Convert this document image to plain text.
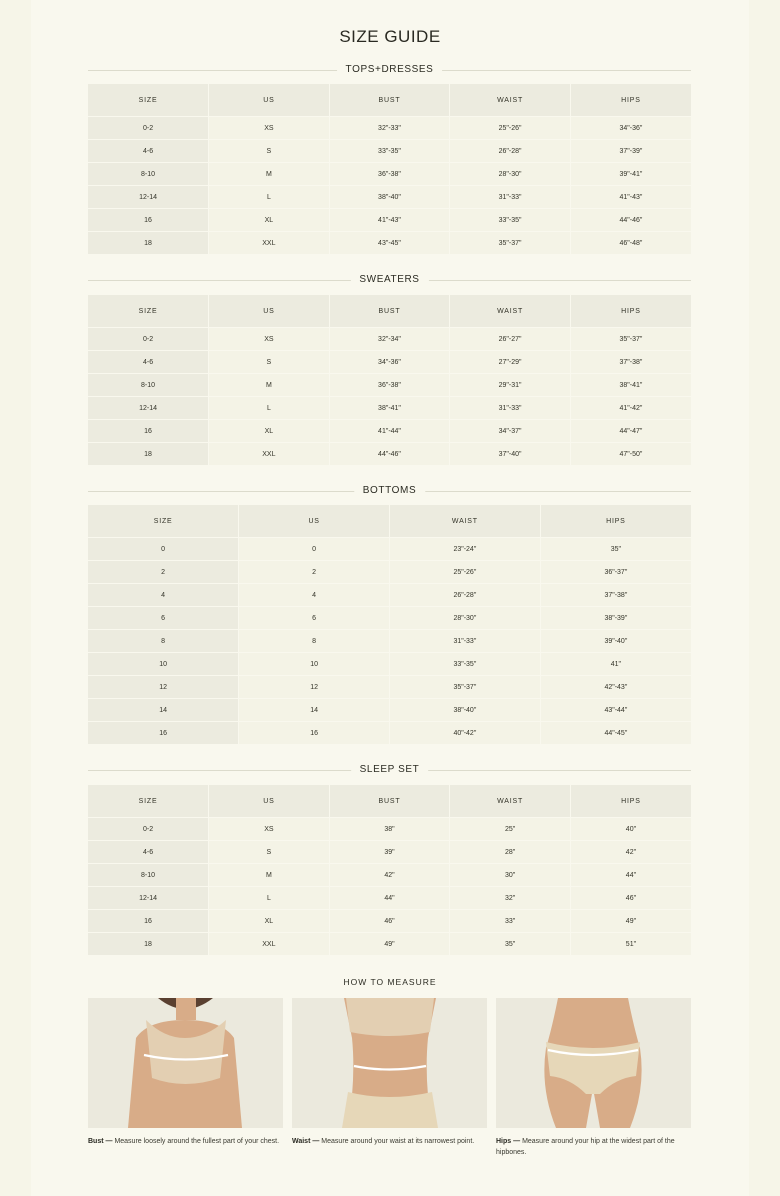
SIZE GUIDE
TOPS+DRESSES
SIZE	US	BUST	WAIST	HIPS
0-2	XS	32"-33"	25"-26"	34"-36"
4-6	S	33"-35"	26"-28"	37"-39"
8-10	M	36"-38"	28"-30"	39"-41"
12-14	L	38"-40"	31"-33"	41"-43"
16	XL	41"-43"	33"-35"	44"-46"
18	XXL	43"-45"	35"-37"	46"-48"
SWEATERS
SIZE	US	BUST	WAIST	HIPS
0-2	XS	32"-34"	26"-27"	35"-37"
4-6	S	34"-36"	27"-29"	37"-38"
8-10	M	36"-38"	29"-31"	38"-41"
12-14	L	38"-41"	31"-33"	41"-42"
16	XL	41"-44"	34"-37"	44"-47"
18	XXL	44"-46"	37"-40"	47"-50"
BOTTOMS
SIZE	US	WAIST	HIPS
0	0	23"-24"	35"
2	2	25"-26"	36"-37"
4	4	26"-28"	37"-38"
6	6	28"-30"	38"-39"
8	8	31"-33"	39"-40"
10	10	33"-35"	41"
12	12	35"-37"	42"-43"
14	14	38"-40"	43"-44"
16	16	40"-42"	44"-45"
SLEEP SET
SIZE	US	BUST	WAIST	HIPS
0-2	XS	38"	25"	40"
4-6	S	39"	28"	42"
8-10	M	42"	30"	44"
12-14	L	44"	32"	46"
16	XL	46"	33"	49"
18	XXL	49"	35"	51"
HOW TO MEASURE
Bust — Measure loosely around the fullest part of your chest.	Waist — Measure around your waist at its narrowest point.	Hips — Measure around your hip at the widest part of the hipbones.
